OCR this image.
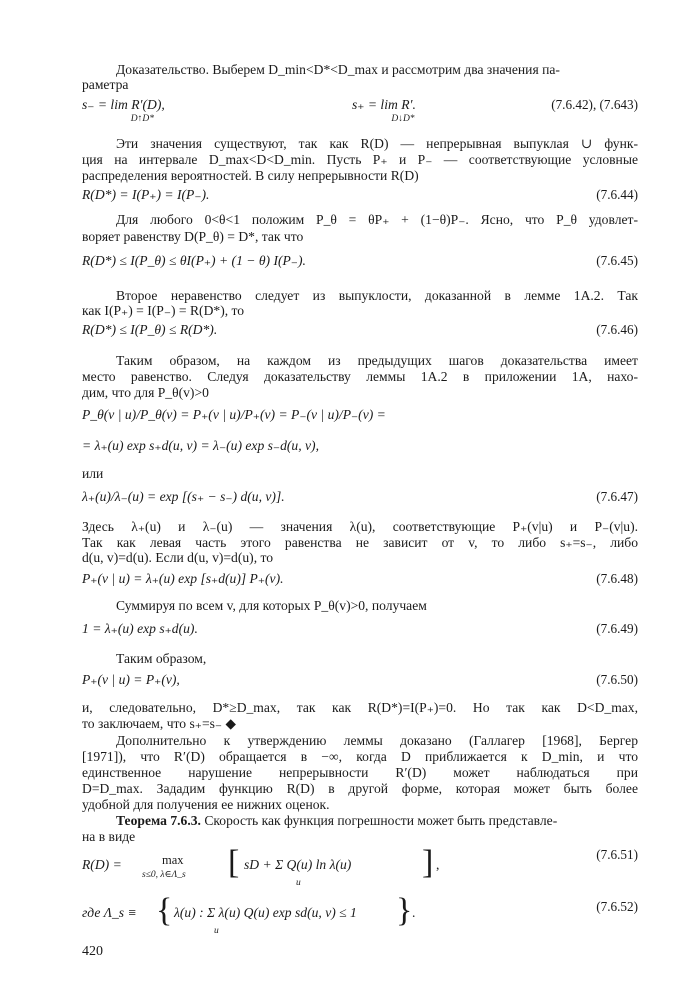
Доказательство. Выберем D_min<D*<D_max и рассмотрим два значения па-
раметра
s₋ = lim R′(D),
D↑D*
s₊ = lim R′.
D↓D*
(7.6.42), (7.643)
Эти значения существуют, так как R(D) — непрерывная выпуклая ∪ функ-
ция на интервале D_max<D<D_min. Пусть P₊ и P₋ — соответствующие условные
распределения вероятностей. В силу непрерывности R(D)
R(D*) = I(P₊) = I(P₋).	(7.6.44)
Для любого 0<θ<1 положим P_θ = θP₊ + (1−θ)P₋. Ясно, что P_θ удовлет-
воряет равенству D(P_θ) = D*, так что
R(D*) ≤ I(P_θ) ≤ θI(P₊) + (1 − θ) I(P₋).	(7.6.45)
Второе неравенство следует из выпуклости, доказанной в лемме 1А.2. Так
как I(P₊) = I(P₋) = R(D*), то
R(D*) ≤ I(P_θ) ≤ R(D*).	(7.6.46)
Таким образом, на каждом из предыдущих шагов доказательства имеет
место равенство. Следуя доказательству леммы 1А.2 в приложении 1А, нахо-
дим, что для P_θ(v)>0
P_θ(v | u)/P_θ(v) = P₊(v | u)/P₊(v) = P₋(v | u)/P₋(v) =
= λ₊(u) exp s₊d(u, v) = λ₋(u) exp s₋d(u, v),
или
λ₊(u)/λ₋(u) = exp [(s₊ − s₋) d(u, v)].	(7.6.47)
Здесь λ₊(u) и λ₋(u) — значения λ(u), соответствующие P₊(v|u) и P₋(v|u).
Так как левая часть этого равенства не зависит от v, то либо s₊=s₋, либо
d(u, v)=d(u). Если d(u, v)=d(u), то
P₊(v | u) = λ₊(u) exp [s₊d(u)] P₊(v).	(7.6.48)
Суммируя по всем v, для которых P_θ(v)>0, получаем
1 = λ₊(u) exp s₊d(u).	(7.6.49)
Таким образом,
P₊(v | u) = P₊(v),	(7.6.50)
и, следовательно, D*≥D_max, так как R(D*)=I(P₊)=0. Но так как D<D_max,
то заключаем, что s₊=s₋ ◆
Дополнительно к утверждению леммы доказано (Галлагер [1968], Бергер
[1971]), что R′(D) обращается в −∞, когда D приближается к D_min, и что
единственное нарушение непрерывности R′(D) может наблюдаться при
D=D_max. Зададим функцию R(D) в другой форме, которая может быть более
удобной для получения ее нижних оценок.
Теорема 7.6.3. Скорость как функция погрешности может быть представле-
на в виде
R(D) =	max
s≤0, λ∈Λ_s [ sD + Σ Q(u) ln λ(u)
u
] ,
(7.6.51)
где Λ_s ≡ { λ(u) : Σ λ(u) Q(u) exp sd(u, v) ≤ 1
u
} .	(7.6.52)
420
